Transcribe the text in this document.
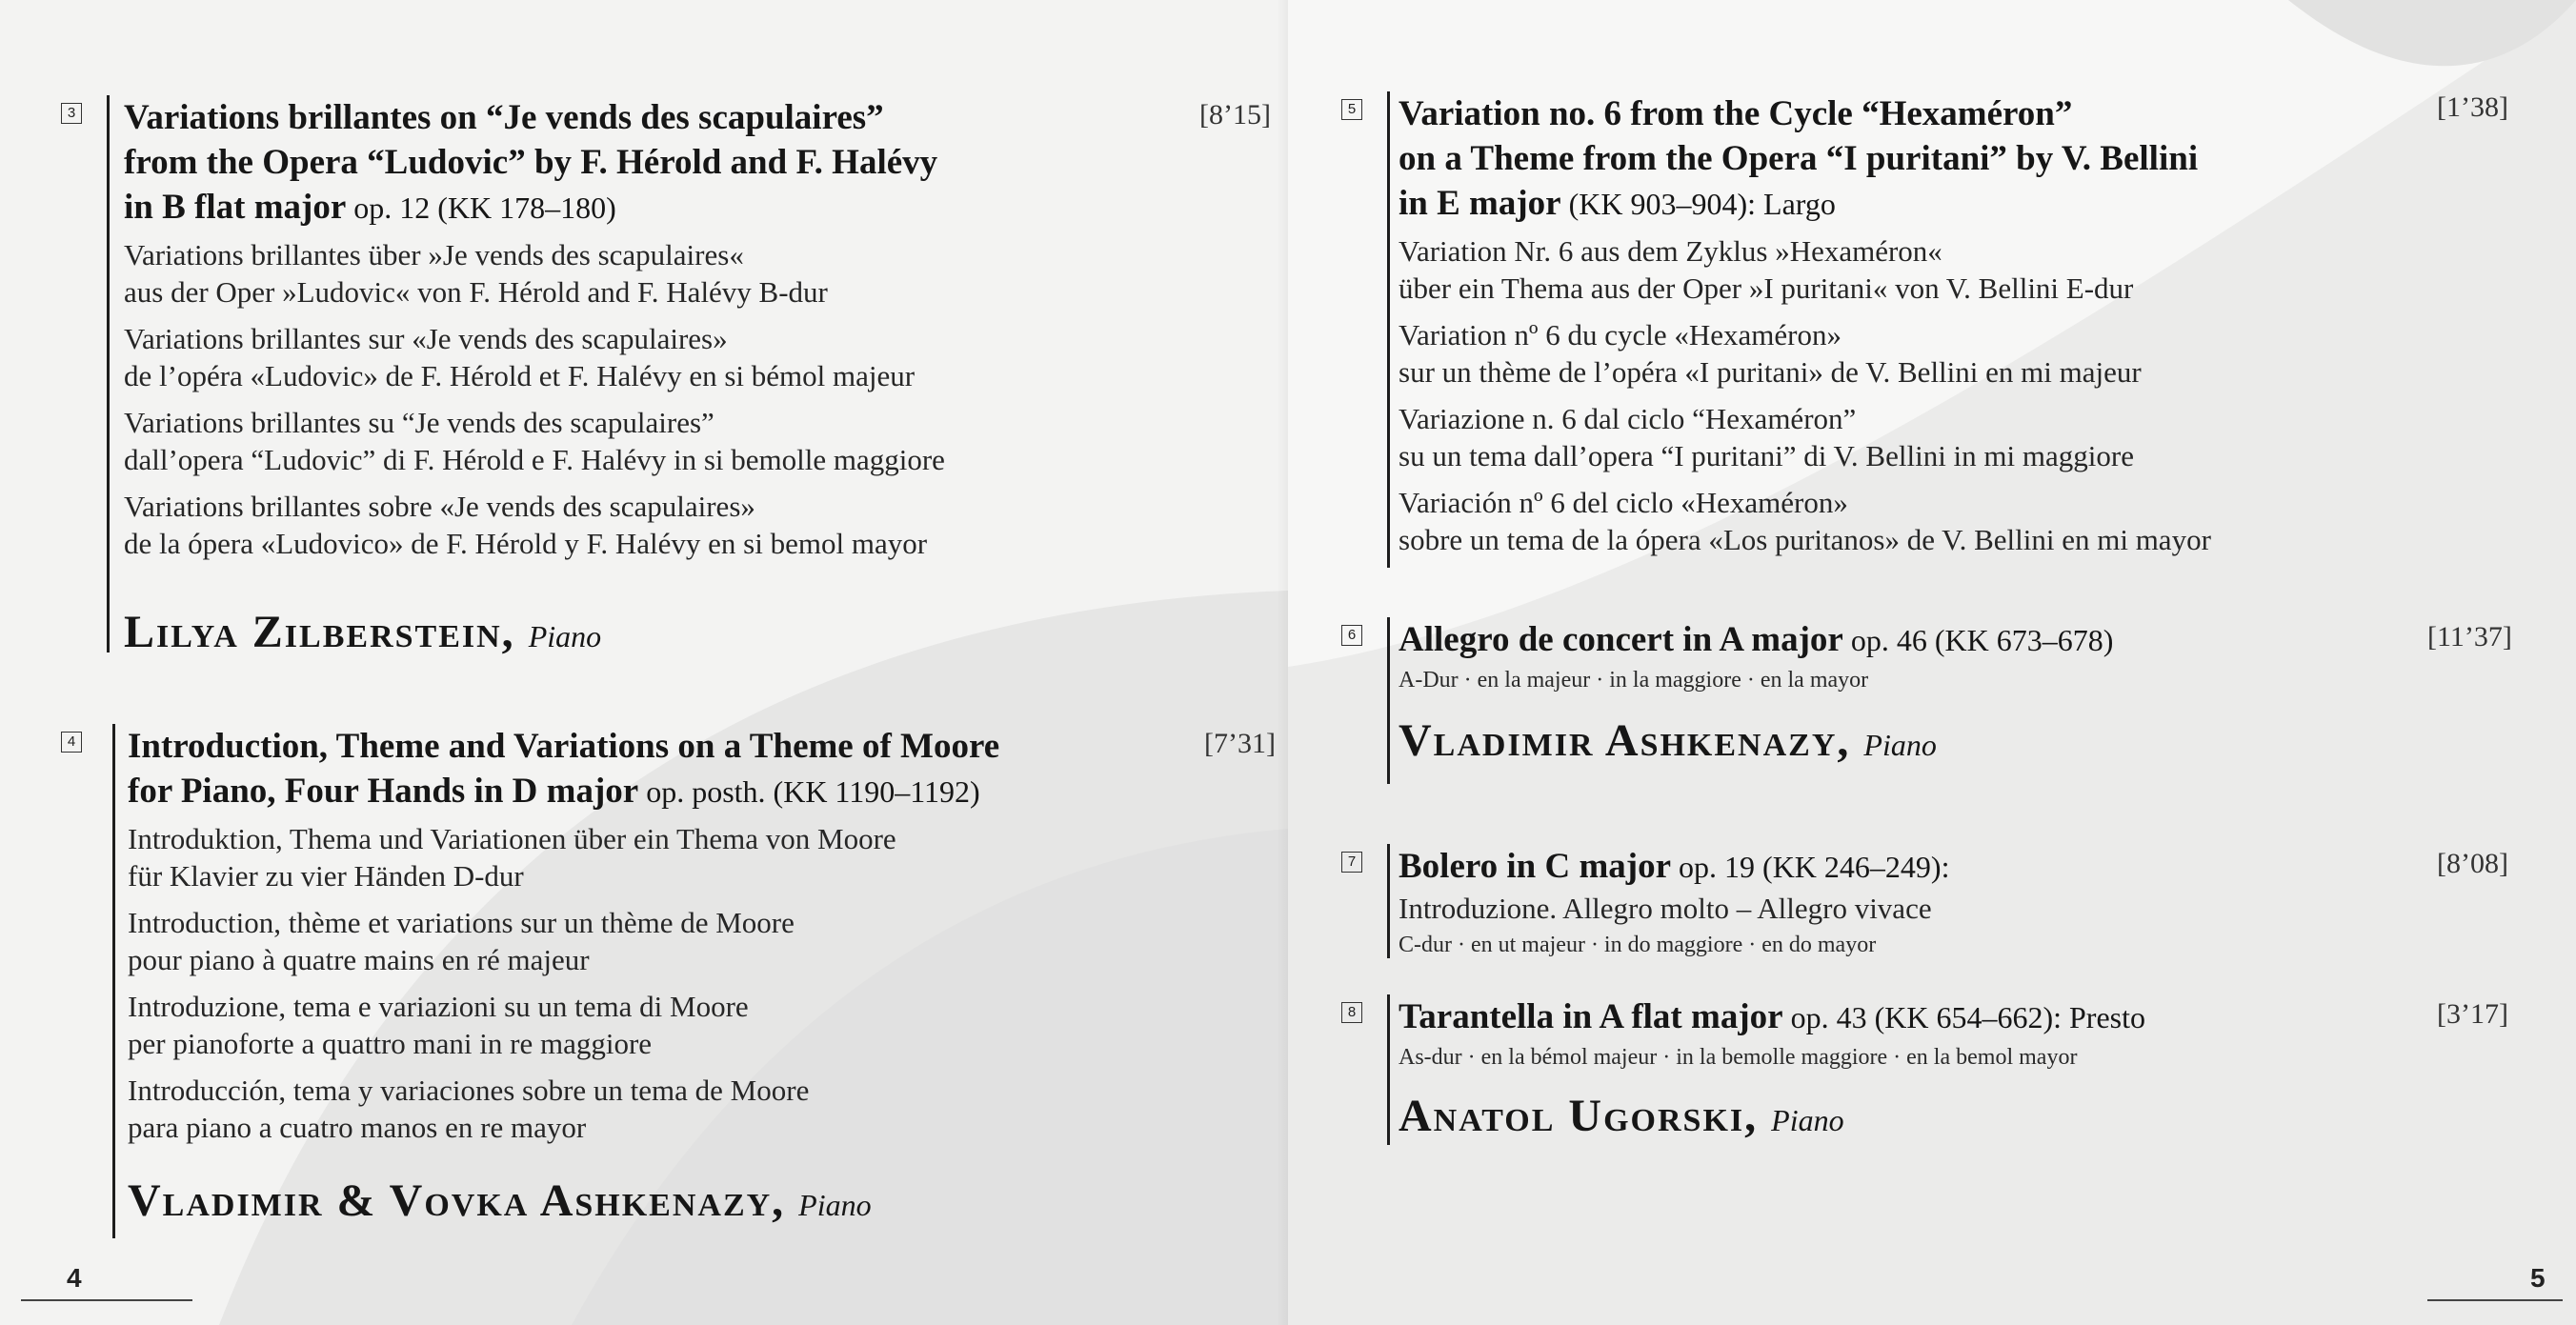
3 Variations brillantes on “Je vends des scapulaires”
from the Opera “Ludovic” by F. Hérold and F. Halévy
in B flat major op. 12 (KK 178–180)
Variations brillantes über »Je vends des scapulaires«
aus der Oper »Ludovic« von F. Hérold and F. Halévy B-dur
Variations brillantes sur «Je vends des scapulaires»
de l’opéra «Ludovic» de F. Hérold et F. Halévy en si bémol majeur
Variations brillantes su “Je vends des scapulaires”
dall’opera “Ludovic” di F. Hérold e F. Halévy in si bemolle maggiore
Variations brillantes sobre «Je vends des scapulaires»
de la ópera «Ludovico» de F. Hérold y F. Halévy en si bemol mayor
Lilya Zilberstein, Piano
[8’15]
4 Introduction, Theme and Variations on a Theme of Moore
for Piano, Four Hands in D major op. posth. (KK 1190–1192)
Introduktion, Thema und Variationen über ein Thema von Moore
für Klavier zu vier Händen D-dur
Introduction, thème et variations sur un thème de Moore
pour piano à quatre mains en ré majeur
Introduzione, tema e variazioni su un tema di Moore
per pianoforte a quattro mani in re maggiore
Introducción, tema y variaciones sobre un tema de Moore
para piano a cuatro manos en re mayor
Vladimir & Vovka Ashkenazy, Piano
[7’31]
4
5 Variation no. 6 from the Cycle “Hexaméron”
on a Theme from the Opera “I puritani” by V. Bellini
in E major (KK 903–904): Largo
Variation Nr. 6 aus dem Zyklus »Hexaméron«
über ein Thema aus der Oper »I puritani« von V. Bellini E-dur
Variation nº 6 du cycle «Hexaméron»
sur un thème de l’opéra «I puritani» de V. Bellini en mi majeur
Variazione n. 6 dal ciclo “Hexaméron”
su un tema dall’opera “I puritani” di V. Bellini in mi maggiore
Variación nº 6 del ciclo «Hexaméron»
sobre un tema de la ópera «Los puritanos» de V. Bellini en mi mayor
[1’38]
6 Allegro de concert in A major op. 46 (KK 673–678)
A-Dur · en la majeur · in la maggiore · en la mayor
Vladimir Ashkenazy, Piano
[11’37]
7 Bolero in C major op. 19 (KK 246–249):
Introduzione. Allegro molto – Allegro vivace
C-dur · en ut majeur · in do maggiore · en do mayor
[8’08]
8 Tarantella in A flat major op. 43 (KK 654–662): Presto
As-dur · en la bémol majeur · in la bemolle maggiore · en la bemol mayor
Anatol Ugorski, Piano
[3’17]
5
